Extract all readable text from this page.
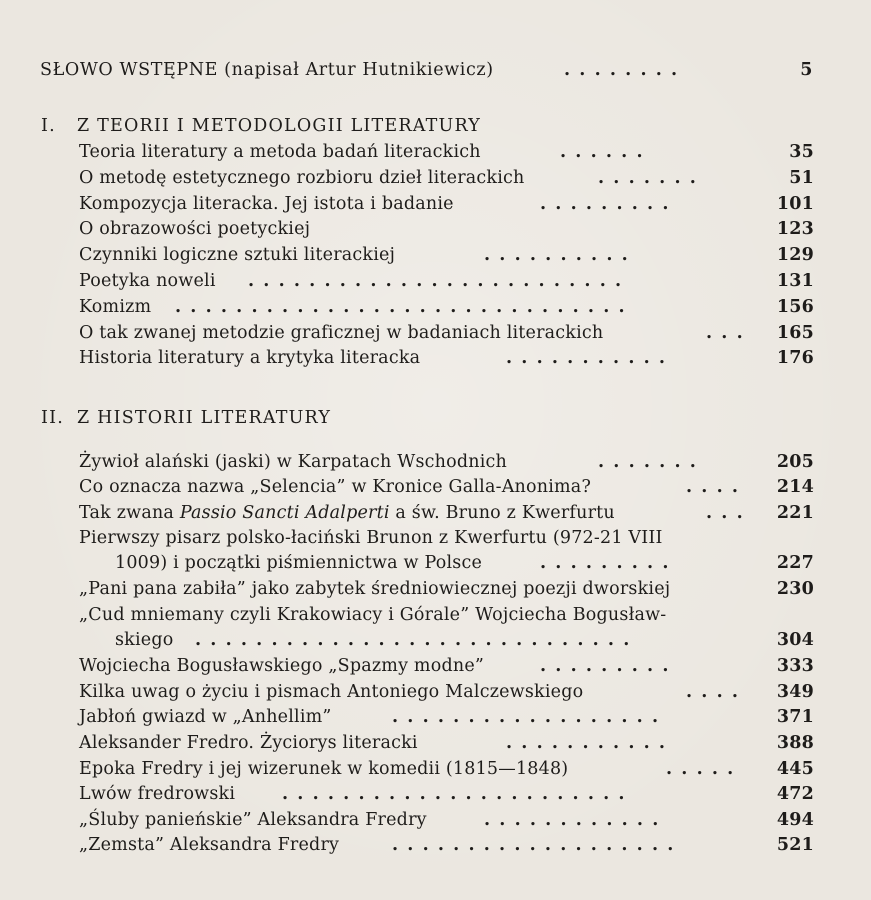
SŁOWO WSTĘPNE (napisał Artur Hutnikiewicz)	........	5
I. Z TEORII I METODOLOGII LITERATURY
Teoria literatury a metoda badań literackich	......	35
O metodę estetycznego rozbioru dzieł literackich	.......	51
Kompozycja literacka. Jej istota i badanie	.........	101
O obrazowości poetyckiej	123
Czynniki logiczne sztuki literackiej	..........	129
Poetyka noweli .........................	131
Komizm ..............................	156
O tak zwanej metodzie graficznej w badaniach literackich	... 165
Historia literatury a krytyka literacka	...........	176
II. Z HISTORII LITERATURY
Żywioł alański (jaski) w Karpatach Wschodnich	.......	205
Co oznacza nazwa „Selencia” w Kronice Galla-Anonima?	.... 214
Tak zwana Passio Sancti Adalperti a św. Bruno z Kwerfurtu	... 221
Pierwszy pisarz polsko-łaciński Brunon z Kwerfurtu (972-21 VIII
1009) i początki piśmiennictwa w Polsce	.........	227
„Pani pana zabiła” jako zabytek średniowiecznej poezji dworskiej	230
„Cud mniemany czyli Krakowiacy i Górale” Wojciecha Bogusław-
skiego .............................	304
Wojciecha Bogusławskiego „Spazmy modne”	.........	333
Kilka uwag o życiu i pismach Antoniego Malczewskiego	.... 349
Jabłoń gwiazd w „Anhellim”	..................	371
Aleksander Fredro. Życiorys literacki	...........	388
Epoka Fredry i jej wizerunek w komedii (1815—1848)	..... 445
Lwów fredrowski	.......................	472
„Śluby panieńskie” Aleksandra Fredry	............	494
„Zemsta” Aleksandra Fredry	...................	521
